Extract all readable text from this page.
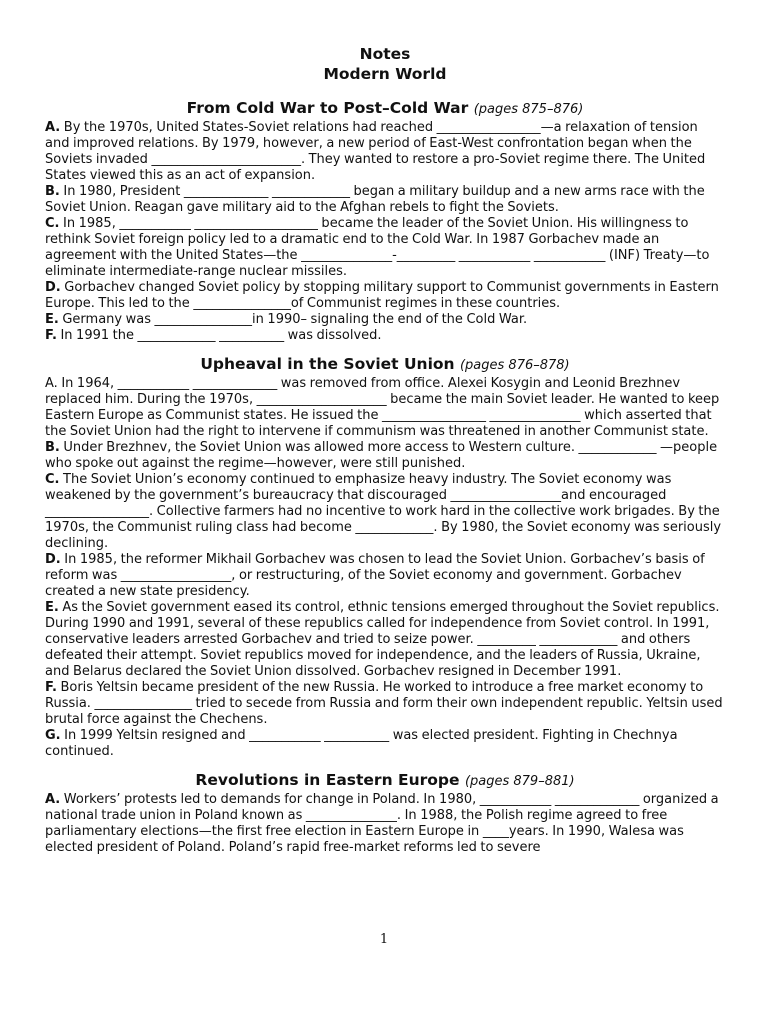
Notes

Modern World

From Cold War to Post–Cold War (pages 875–876)

A. By the 1970s, United States-Soviet relations had reached ________________—a relaxation of tension and improved relations. By 1979, however, a new period of East-West confrontation began when the Soviets invaded _______________________. They wanted to restore a pro-Soviet regime there. The United States viewed this as an act of expansion.

B. In 1980, President _____________ ____________ began a military buildup and a new arms race with the Soviet Union. Reagan gave military aid to the Afghan rebels to fight the Soviets.

C. In 1985, ___________ ___________________ became the leader of the Soviet Union. His willingness to rethink Soviet foreign policy led to a dramatic end to the Cold War. In 1987 Gorbachev made an agreement with the United States—the ______________-_________ ___________ ___________ (INF) Treaty—to eliminate intermediate-range nuclear missiles.

D. Gorbachev changed Soviet policy by stopping military support to Communist governments in Eastern Europe. This led to the _______________of Communist regimes in these countries.

E. Germany was _______________in 1990– signaling the end of the Cold War.

F. In 1991 the ____________ __________ was dissolved.

Upheaval in the Soviet Union (pages 876–878)

A. In 1964, ___________ _____________ was removed from office. Alexei Kosygin and Leonid Brezhnev replaced him. During the 1970s, ____________________ became the main Soviet leader. He wanted to keep Eastern Europe as Communist states. He issued the ________________ ______________ which asserted that the Soviet Union had the right to intervene if communism was threatened in another Communist state.

B. Under Brezhnev, the Soviet Union was allowed more access to Western culture. ____________ —people who spoke out against the regime—however, were still punished.

C. The Soviet Union’s economy continued to emphasize heavy industry. The Soviet economy was weakened by the government’s bureaucracy that discouraged _________________and encouraged ________________. Collective farmers had no incentive to work hard in the collective work brigades. By the 1970s, the Communist ruling class had become ____________. By 1980, the Soviet economy was seriously declining.

D. In 1985, the reformer Mikhail Gorbachev was chosen to lead the Soviet Union. Gorbachev’s basis of reform was _________________, or restructuring, of the Soviet economy and government. Gorbachev created a new state presidency.

E. As the Soviet government eased its control, ethnic tensions emerged throughout the Soviet republics. During 1990 and 1991, several of these republics called for independence from Soviet control. In 1991, conservative leaders arrested Gorbachev and tried to seize power. _________ ____________ and others defeated their attempt. Soviet republics moved for independence, and the leaders of Russia, Ukraine, and Belarus declared the Soviet Union dissolved. Gorbachev resigned in December 1991.

F. Boris Yeltsin became president of the new Russia. He worked to introduce a free market economy to Russia. _______________ tried to secede from Russia and form their own independent republic. Yeltsin used brutal force against the Chechens.

G. In 1999 Yeltsin resigned and ___________ __________ was elected president. Fighting in Chechnya continued.

Revolutions in Eastern Europe (pages 879–881)

A. Workers’ protests led to demands for change in Poland. In 1980, ___________ _____________ organized a national trade union in Poland known as ______________. In 1988, the Polish regime agreed to free parliamentary elections—the first free election in Eastern Europe in ____years. In 1990, Walesa was elected president of Poland. Poland’s rapid free-market reforms led to severe

1
